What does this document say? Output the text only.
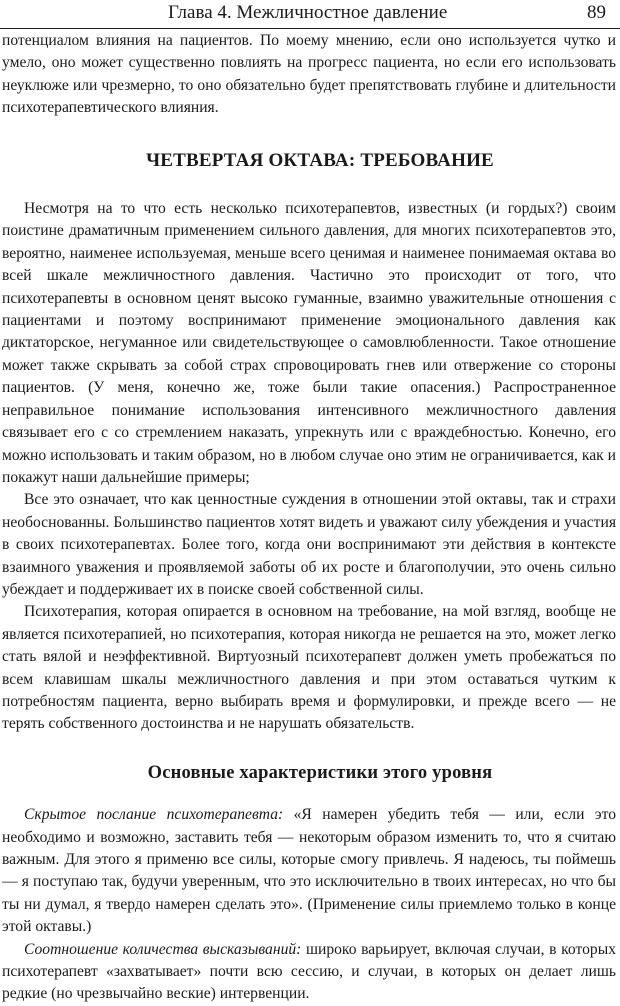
Глава 4. Межличностное давление	89

потенциалом влияния на пациентов. По моему мнению, если оно используется чутко и умело, оно может существенно повлиять на прогресс пациента, но если его использовать неуклюже или чрезмерно, то оно обязательно будет препятствовать глубине и длительности психотерапевтического влияния.

ЧЕТВЕРТАЯ ОКТАВА: ТРЕБОВАНИЕ

Несмотря на то что есть несколько психотерапевтов, известных (и гордых?) своим поистине драматичным применением сильного давления, для многих психотерапевтов это, вероятно, наименее используемая, меньше всего ценимая и наименее понимаемая октава во всей шкале межличностного давления. Частично это происходит от того, что психотерапевты в основном ценят высоко гуманные, взаимно уважительные отношения с пациентами и поэтому воспринимают применение эмоционального давления как диктаторское, негуманное или свидетельствующее о самовлюбленности. Такое отношение может также скрывать за собой страх спровоцировать гнев или отвержение со стороны пациентов. (У меня, конечно же, тоже были такие опасения.) Распространенное неправильное понимание использования интенсивного межличностного давления связывает его с со стремлением наказать, упрекнуть или с враждебностью. Конечно, его можно использовать и таким образом, но в любом случае оно этим не ограничивается, как и покажут наши дальнейшие примеры;

Все это означает, что как ценностные суждения в отношении этой октавы, так и страхи необоснованны. Большинство пациентов хотят видеть и уважают силу убеждения и участия в своих психотерапевтах. Более того, когда они воспринимают эти действия в контексте взаимного уважения и проявляемой заботы об их росте и благополучии, это очень сильно убеждает и поддерживает их в поиске своей собственной силы.

Психотерапия, которая опирается в основном на требование, на мой взгляд, вообще не является психотерапией, но психотерапия, которая никогда не решается на это, может легко стать вялой и неэффективной. Виртуозный психотерапевт должен уметь пробежаться по всем клавишам шкалы межличностного давления и при этом оставаться чутким к потребностям пациента, верно выбирать время и формулировки, и прежде всего — не терять собственного достоинства и не нарушать обязательств.

Основные характеристики этого уровня

Скрытое послание психотерапевта: «Я намерен убедить тебя — или, если это необходимо и возможно, заставить тебя — некоторым образом изменить то, что я считаю важным. Для этого я применю все силы, которые смогу привлечь. Я надеюсь, ты поймешь — я поступаю так, будучи уверенным, что это исключительно в твоих интересах, но что бы ты ни думал, я твердо намерен сделать это». (Применение силы приемлемо только в конце этой октавы.)

Соотношение количества высказываний: широко варьирует, включая случаи, в которых психотерапевт «захватывает» почти всю сессию, и случаи, в которых он делает лишь редкие (но чрезвычайно веские) интервенции.
